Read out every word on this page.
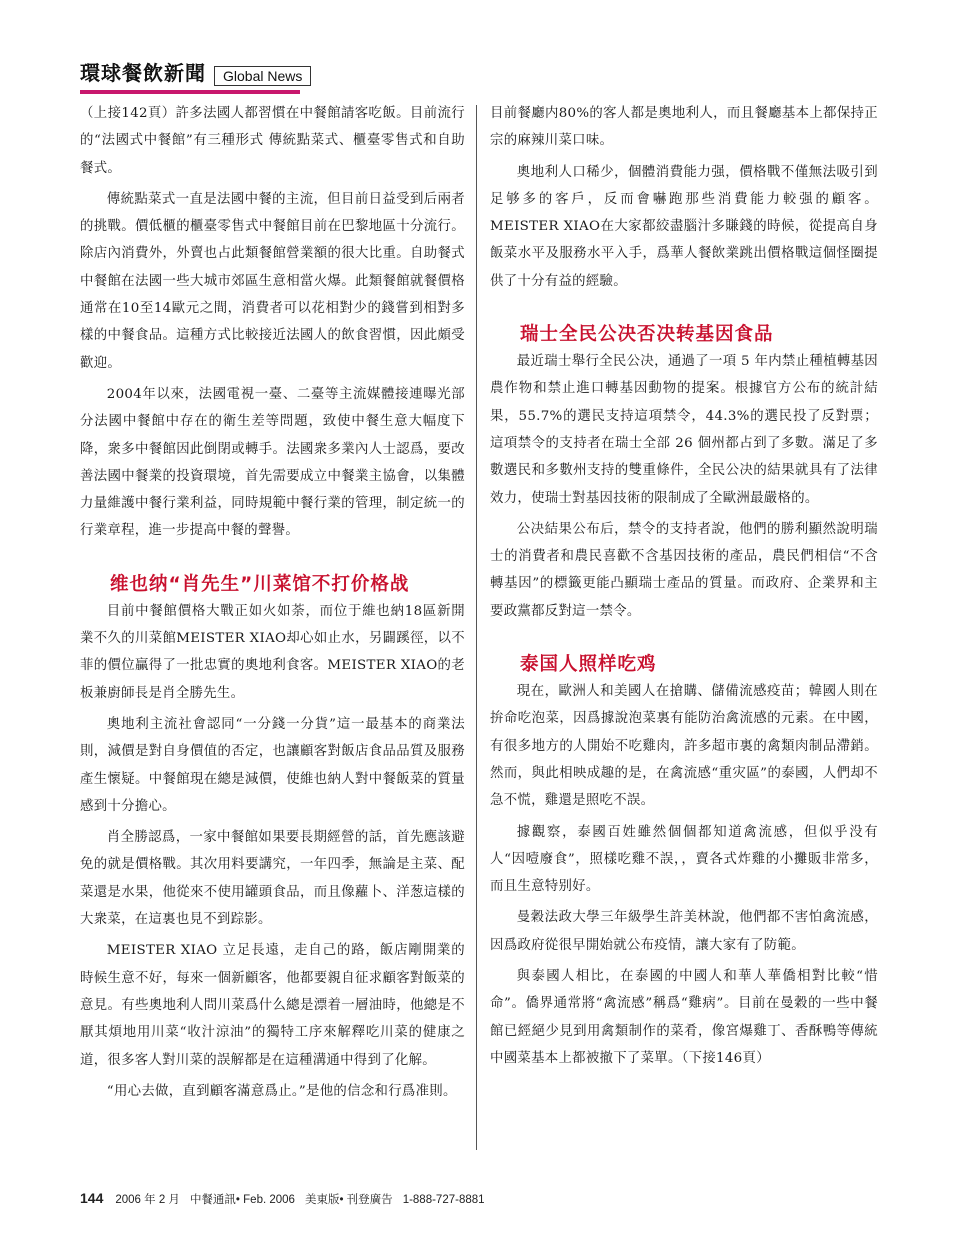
環球餐飲新聞	Global News

（上接142頁）許多法國人都習慣在中餐館請客吃飯。目前流行的“法國式中餐館”有三種形式 傳統點菜式、櫃臺零售式和自助餐式。

傳統點菜式一直是法國中餐的主流，但目前日益受到后兩者的挑戰。價低櫃的櫃臺零售式中餐館目前在巴黎地區十分流行。除店內消費外，外賣也占此類餐館營業額的很大比重。自助餐式中餐館在法國一些大城市郊區生意相當火爆。此類餐館就餐價格通常在10至14歐元之間，消費者可以花相對少的錢嘗到相對多樣的中餐食品。這種方式比較接近法國人的飲食習慣，因此頗受歡迎。

2004年以來，法國電視一臺、二臺等主流媒體接連曝光部分法國中餐館中存在的衛生差等問題，致使中餐生意大幅度下降，衆多中餐館因此倒閉或轉手。法國衆多業內人士認爲，要改善法國中餐業的投資環境，首先需要成立中餐業主協會，以集體力量維護中餐行業利益，同時規範中餐行業的管理，制定統一的行業章程，進一步提高中餐的聲譽。

维也纳“肖先生”川菜馆不打价格战

目前中餐館價格大戰正如火如荼，而位于維也納18區新開業不久的川菜館MEISTER XIAO却心如止水，另闢蹊徑，以不菲的價位贏得了一批忠實的奧地利食客。MEISTER XIAO的老板兼廚師長是肖全勝先生。

奧地利主流社會認同“一分錢一分貨”這一最基本的商業法則，減價是對自身價值的否定，也讓顧客對飯店食品品質及服務產生懷疑。中餐館現在總是減價，使維也納人對中餐飯菜的質量感到十分擔心。

肖全勝認爲，一家中餐館如果要長期經營的話，首先應該避免的就是價格戰。其次用料要講究，一年四季，無論是主菜、配菜還是水果，他從來不使用罐頭食品，而且像蘿卜、洋葱這樣的大衆菜，在這裏也見不到踪影。

MEISTER XIAO 立足長遠，走自己的路，飯店剛開業的時候生意不好，每來一個新顧客，他都要親自征求顧客對飯菜的意見。有些奧地利人問川菜爲什么總是漂着一層油時，他總是不厭其煩地用川菜“收汁涼油”的獨特工序來解釋吃川菜的健康之道，很多客人對川菜的誤解都是在這種溝通中得到了化解。

“用心去做，直到顧客滿意爲止。”是他的信念和行爲准則。

目前餐廳内80%的客人都是奧地利人，而且餐廳基本上都保持正宗的麻辣川菜口味。

奧地利人口稀少，個體消費能力强，價格戰不僅無法吸引到足够多的客戶，反而會嚇跑那些消費能力較强的顧客。MEISTER XIAO在大家都絞盡腦汁多賺錢的時候，從提高自身飯菜水平及服務水平入手，爲華人餐飲業跳出價格戰這個怪圈提供了十分有益的經驗。

瑞士全民公决否决转基因食品

最近瑞士舉行全民公决，通過了一項 5 年内禁止種植轉基因農作物和禁止進口轉基因動物的提案。根據官方公布的統計結果，55.7%的選民支持這項禁令，44.3%的選民投了反對票；這項禁令的支持者在瑞士全部 26 個州都占到了多數。滿足了多數選民和多數州支持的雙重條件，全民公决的結果就具有了法律效力，使瑞士對基因技術的限制成了全歐洲最嚴格的。

公决結果公布后，禁令的支持者說，他們的勝利顯然說明瑞士的消費者和農民喜歡不含基因技術的產品，農民們相信“不含轉基因”的標籤更能凸顯瑞士產品的質量。而政府、企業界和主要政黨都反對這一禁令。

泰国人照样吃鸡

現在，歐洲人和美國人在搶購、儲備流感疫苗；韓國人則在拚命吃泡菜，因爲據說泡菜裏有能防治禽流感的元素。在中國，有很多地方的人開始不吃雞肉，許多超市裏的禽類肉制品滯銷。然而，與此相映成趣的是，在禽流感“重灾區”的泰國，人們却不急不慌，雞還是照吃不誤。

據觀察，泰國百姓雖然個個都知道禽流感，但似乎没有人“因噎廢食”，照樣吃雞不誤，，賣各式炸雞的小攤販非常多，而且生意特别好。

曼穀法政大學三年級學生許美林說，他們都不害怕禽流感，因爲政府從很早開始就公布疫情，讓大家有了防範。

與泰國人相比，在泰國的中國人和華人華僑相對比較“惜命”。僑界通常將“禽流感”稱爲“雞病”。目前在曼穀的一些中餐館已經絕少見到用禽類制作的菜肴，像宮爆雞丁、香酥鴨等傳統中國菜基本上都被撤下了菜單。（下接146頁）

144 2006 年 2 月 中餐通訊• Feb. 2006 美東版• 刊登廣告 1-888-727-8881
